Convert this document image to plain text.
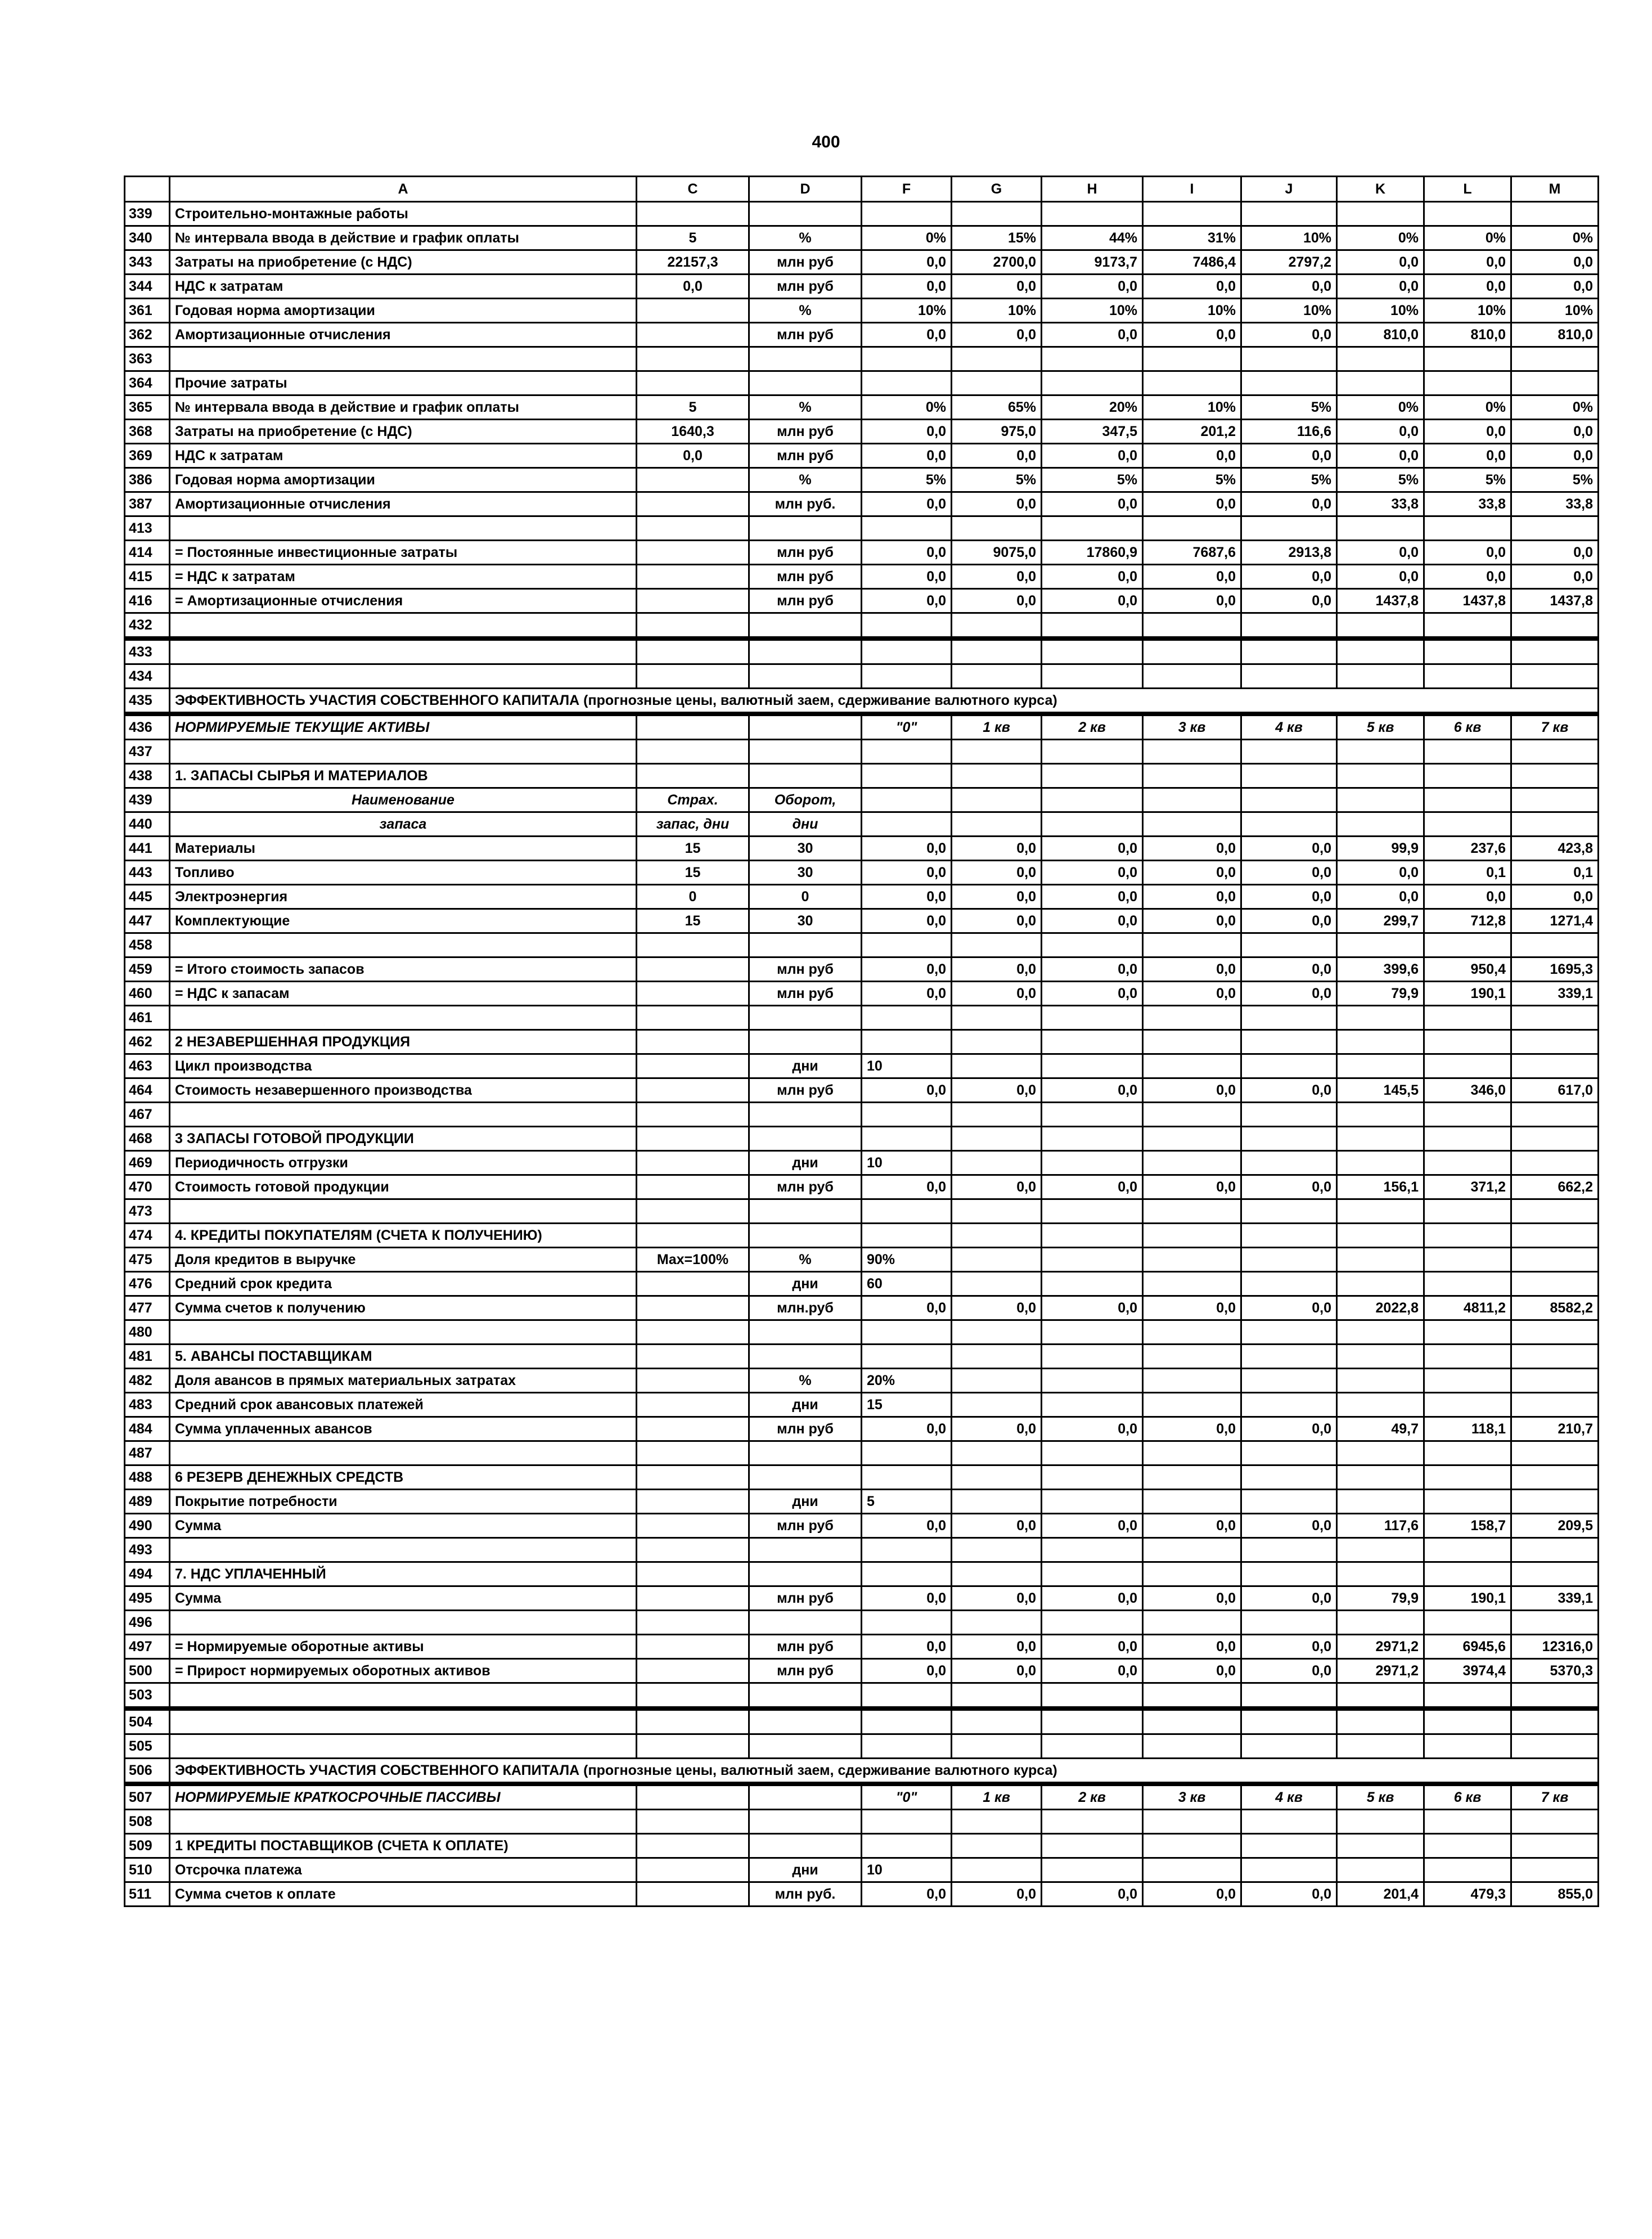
400
	A	C	D	F	G	H	I	J	K	L	M
339	Строительно-монтажные работы										
340	№ интервала ввода в действие и график оплаты	5	%	0%	15%	44%	31%	10%	0%	0%	0%
343	Затраты на приобретение (с НДС)	22157,3	млн руб	0,0	2700,0	9173,7	7486,4	2797,2	0,0	0,0	0,0
344	НДС к затратам	0,0	млн руб	0,0	0,0	0,0	0,0	0,0	0,0	0,0	0,0
361	Годовая норма амортизации		%	10%	10%	10%	10%	10%	10%	10%	10%
362	Амортизационные отчисления		млн руб	0,0	0,0	0,0	0,0	0,0	810,0	810,0	810,0
363											
364	Прочие затраты										
365	№ интервала ввода в действие и график оплаты	5	%	0%	65%	20%	10%	5%	0%	0%	0%
368	Затраты на приобретение (с НДС)	1640,3	млн руб	0,0	975,0	347,5	201,2	116,6	0,0	0,0	0,0
369	НДС к затратам	0,0	млн руб	0,0	0,0	0,0	0,0	0,0	0,0	0,0	0,0
386	Годовая норма амортизации		%	5%	5%	5%	5%	5%	5%	5%	5%
387	Амортизационные отчисления		млн руб.	0,0	0,0	0,0	0,0	0,0	33,8	33,8	33,8
413											
414	= Постоянные инвестиционные затраты		млн руб	0,0	9075,0	17860,9	7687,6	2913,8	0,0	0,0	0,0
415	= НДС к затратам		млн руб	0,0	0,0	0,0	0,0	0,0	0,0	0,0	0,0
416	= Амортизационные отчисления		млн руб	0,0	0,0	0,0	0,0	0,0	1437,8	1437,8	1437,8
432											
433											
434											
435	ЭФФЕКТИВНОСТЬ УЧАСТИЯ СОБСТВЕННОГО КАПИТАЛА (прогнозные цены, валютный заем, сдерживание валютного курса)										
436	НОРМИРУЕМЫЕ ТЕКУЩИЕ АКТИВЫ			"0"	1 кв	2 кв	3 кв	4 кв	5 кв	6 кв	7 кв
437											
438	1. ЗАПАСЫ СЫРЬЯ И МАТЕРИАЛОВ										
439	Наименование	Страх.	Оборот,								
440	запаса	запас, дни	дни								
441	Материалы	15	30	0,0	0,0	0,0	0,0	0,0	99,9	237,6	423,8
443	Топливо	15	30	0,0	0,0	0,0	0,0	0,0	0,0	0,1	0,1
445	Электроэнергия	0	0	0,0	0,0	0,0	0,0	0,0	0,0	0,0	0,0
447	Комплектующие	15	30	0,0	0,0	0,0	0,0	0,0	299,7	712,8	1271,4
458											
459	= Итого стоимость запасов		млн руб	0,0	0,0	0,0	0,0	0,0	399,6	950,4	1695,3
460	= НДС к запасам		млн руб	0,0	0,0	0,0	0,0	0,0	79,9	190,1	339,1
461											
462	2 НЕЗАВЕРШЕННАЯ ПРОДУКЦИЯ										
463	Цикл производства		дни	10							
464	Стоимость незавершенного производства		млн руб	0,0	0,0	0,0	0,0	0,0	145,5	346,0	617,0
467											
468	3 ЗАПАСЫ ГОТОВОЙ ПРОДУКЦИИ										
469	Периодичность отгрузки		дни	10							
470	Стоимость готовой продукции		млн руб	0,0	0,0	0,0	0,0	0,0	156,1	371,2	662,2
473											
474	4. КРЕДИТЫ ПОКУПАТЕЛЯМ (СЧЕТА К ПОЛУЧЕНИЮ)										
475	Доля кредитов в выручке	Max=100%	%	90%							
476	Средний срок кредита		дни	60							
477	Сумма счетов к получению		млн.руб	0,0	0,0	0,0	0,0	0,0	2022,8	4811,2	8582,2
480											
481	5. АВАНСЫ ПОСТАВЩИКАМ										
482	Доля авансов в прямых материальных затратах		%	20%							
483	Средний срок авансовых платежей		дни	15							
484	Сумма уплаченных авансов		млн руб	0,0	0,0	0,0	0,0	0,0	49,7	118,1	210,7
487											
488	6 РЕЗЕРВ ДЕНЕЖНЫХ СРЕДСТВ										
489	Покрытие потребности		дни	5							
490	Сумма		млн руб	0,0	0,0	0,0	0,0	0,0	117,6	158,7	209,5
493											
494	7. НДС УПЛАЧЕННЫЙ										
495	Сумма		млн руб	0,0	0,0	0,0	0,0	0,0	79,9	190,1	339,1
496											
497	= Нормируемые оборотные активы		млн руб	0,0	0,0	0,0	0,0	0,0	2971,2	6945,6	12316,0
500	= Прирост нормируемых оборотных активов		млн руб	0,0	0,0	0,0	0,0	0,0	2971,2	3974,4	5370,3
503											
504											
505											
506	ЭФФЕКТИВНОСТЬ УЧАСТИЯ СОБСТВЕННОГО КАПИТАЛА (прогнозные цены, валютный заем, сдерживание валютного курса)										
507	НОРМИРУЕМЫЕ КРАТКОСРОЧНЫЕ ПАССИВЫ			"0"	1 кв	2 кв	3 кв	4 кв	5 кв	6 кв	7 кв
508											
509	1 КРЕДИТЫ ПОСТАВЩИКОВ (СЧЕТА К ОПЛАТЕ)										
510	Отсрочка платежа		дни	10							
511	Сумма счетов к оплате		млн руб.	0,0	0,0	0,0	0,0	0,0	201,4	479,3	855,0
